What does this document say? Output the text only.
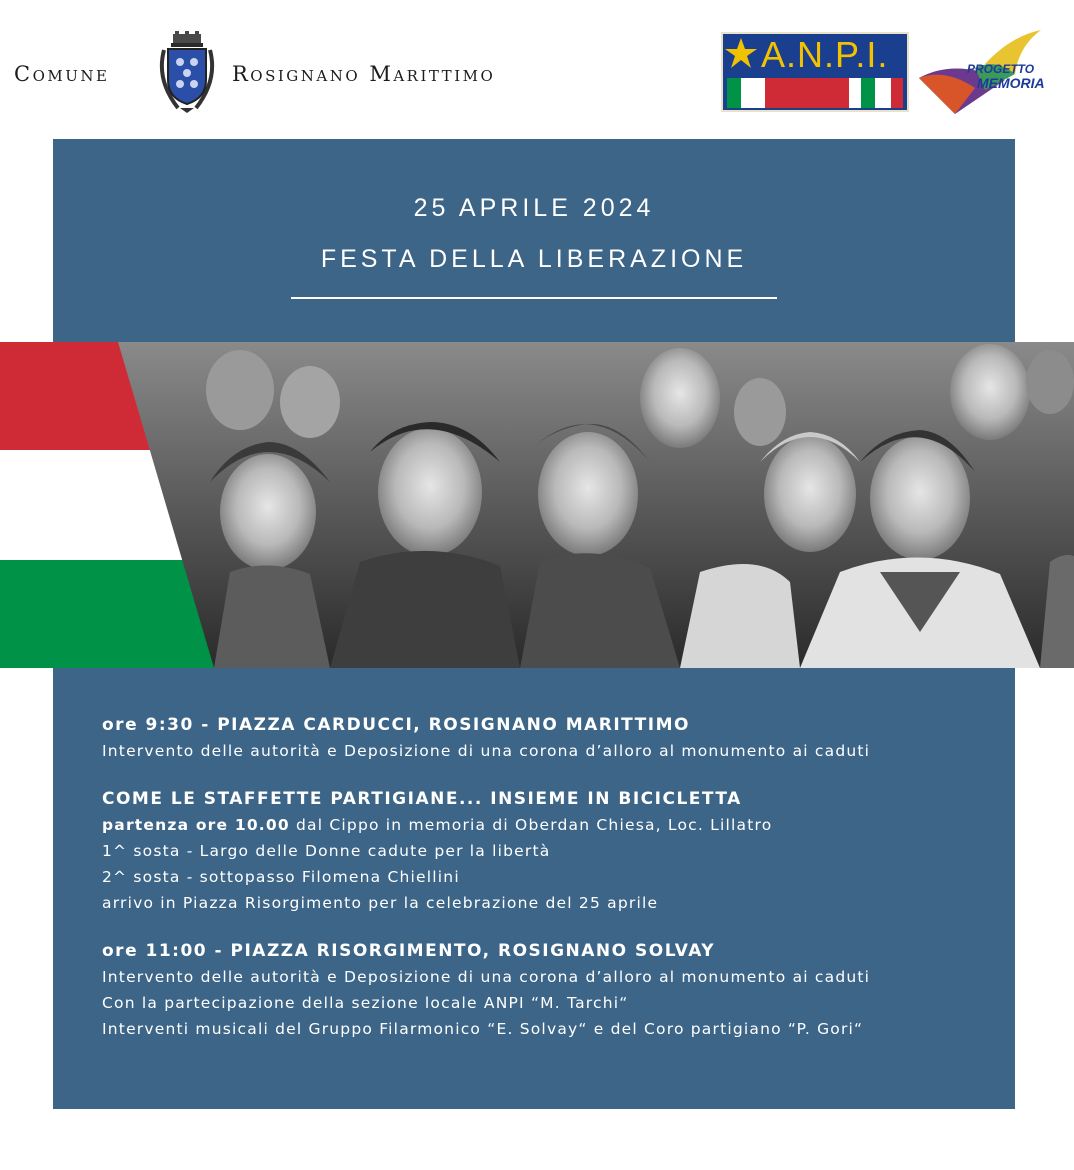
Comune	Rosignano Marittimo	A.N.P.I.	PROGETTO
MEMORIA
25 APRILE 2024
FESTA DELLA LIBERAZIONE
ore 9:30 - PIAZZA CARDUCCI, ROSIGNANO MARITTIMO
Intervento delle autorità e Deposizione di una corona d’alloro al monumento ai caduti
COME LE STAFFETTE PARTIGIANE... INSIEME IN BICICLETTA
partenza ore 10.00 dal Cippo in memoria di Oberdan Chiesa, Loc. Lillatro
1^ sosta - Largo delle Donne cadute per la libertà
2^ sosta - sottopasso Filomena Chiellini
arrivo in Piazza Risorgimento per la celebrazione del 25 aprile
ore 11:00 - PIAZZA RISORGIMENTO, ROSIGNANO SOLVAY
Intervento delle autorità e Deposizione di una corona d’alloro al monumento ai caduti
Con la partecipazione della sezione locale ANPI “M. Tarchi“
Interventi musicali del Gruppo Filarmonico “E. Solvay“ e del Coro partigiano “P. Gori“
